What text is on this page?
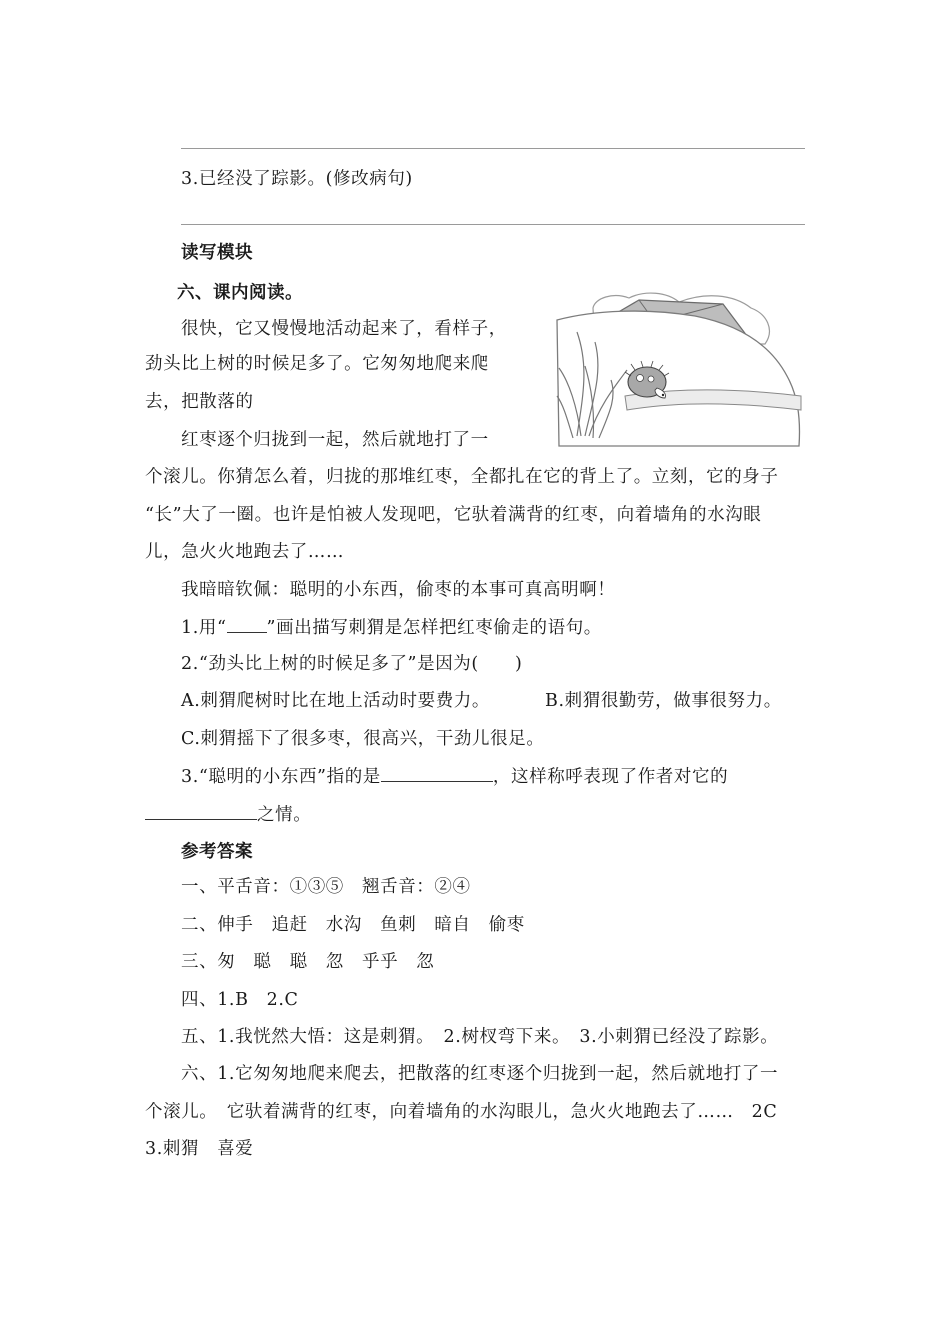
3.已经没了踪影。(修改病句)
读写模块
六、课内阅读。
很快，它又慢慢地活动起来了，看样子，
劲头比上树的时候足多了。它匆匆地爬来爬
去，把散落的
红枣逐个归拢到一起，然后就地打了一
个滚儿。你猜怎么着，归拢的那堆红枣，全都扎在它的背上了。立刻，它的身子
“长”大了一圈。也许是怕被人发现吧，它驮着满背的红枣，向着墙角的水沟眼
儿，急火火地跑去了……
我暗暗钦佩：聪明的小东西，偷枣的本事可真高明啊！
1.用“ ”画出描写刺猬是怎样把红枣偷走的语句。
2.“劲头比上树的时候足多了”是因为(　　)
A.刺猬爬树时比在地上活动时要费力。	B.刺猬很勤劳，做事很努力。
C.刺猬摇下了很多枣，很高兴，干劲儿很足。
3.“聪明的小东西”指的是	，这样称呼表现了作者对它的
之情。
参考答案
一、平舌音：①③⑤　翘舌音：②④
二、伸手　追赶　水沟　鱼刺　暗自　偷枣
三、匆　聪　聪　忽　乎乎　忽
四、1.B　2.C
五、1.我恍然大悟：这是刺猬。　2.树杈弯下来。　3.小刺猬已经没了踪影。
六、1.它匆匆地爬来爬去，把散落的红枣逐个归拢到一起，然后就地打了一
个滚儿。　它驮着满背的红枣，向着墙角的水沟眼儿，急火火地跑去了……　2C
3.刺猬　喜爱
